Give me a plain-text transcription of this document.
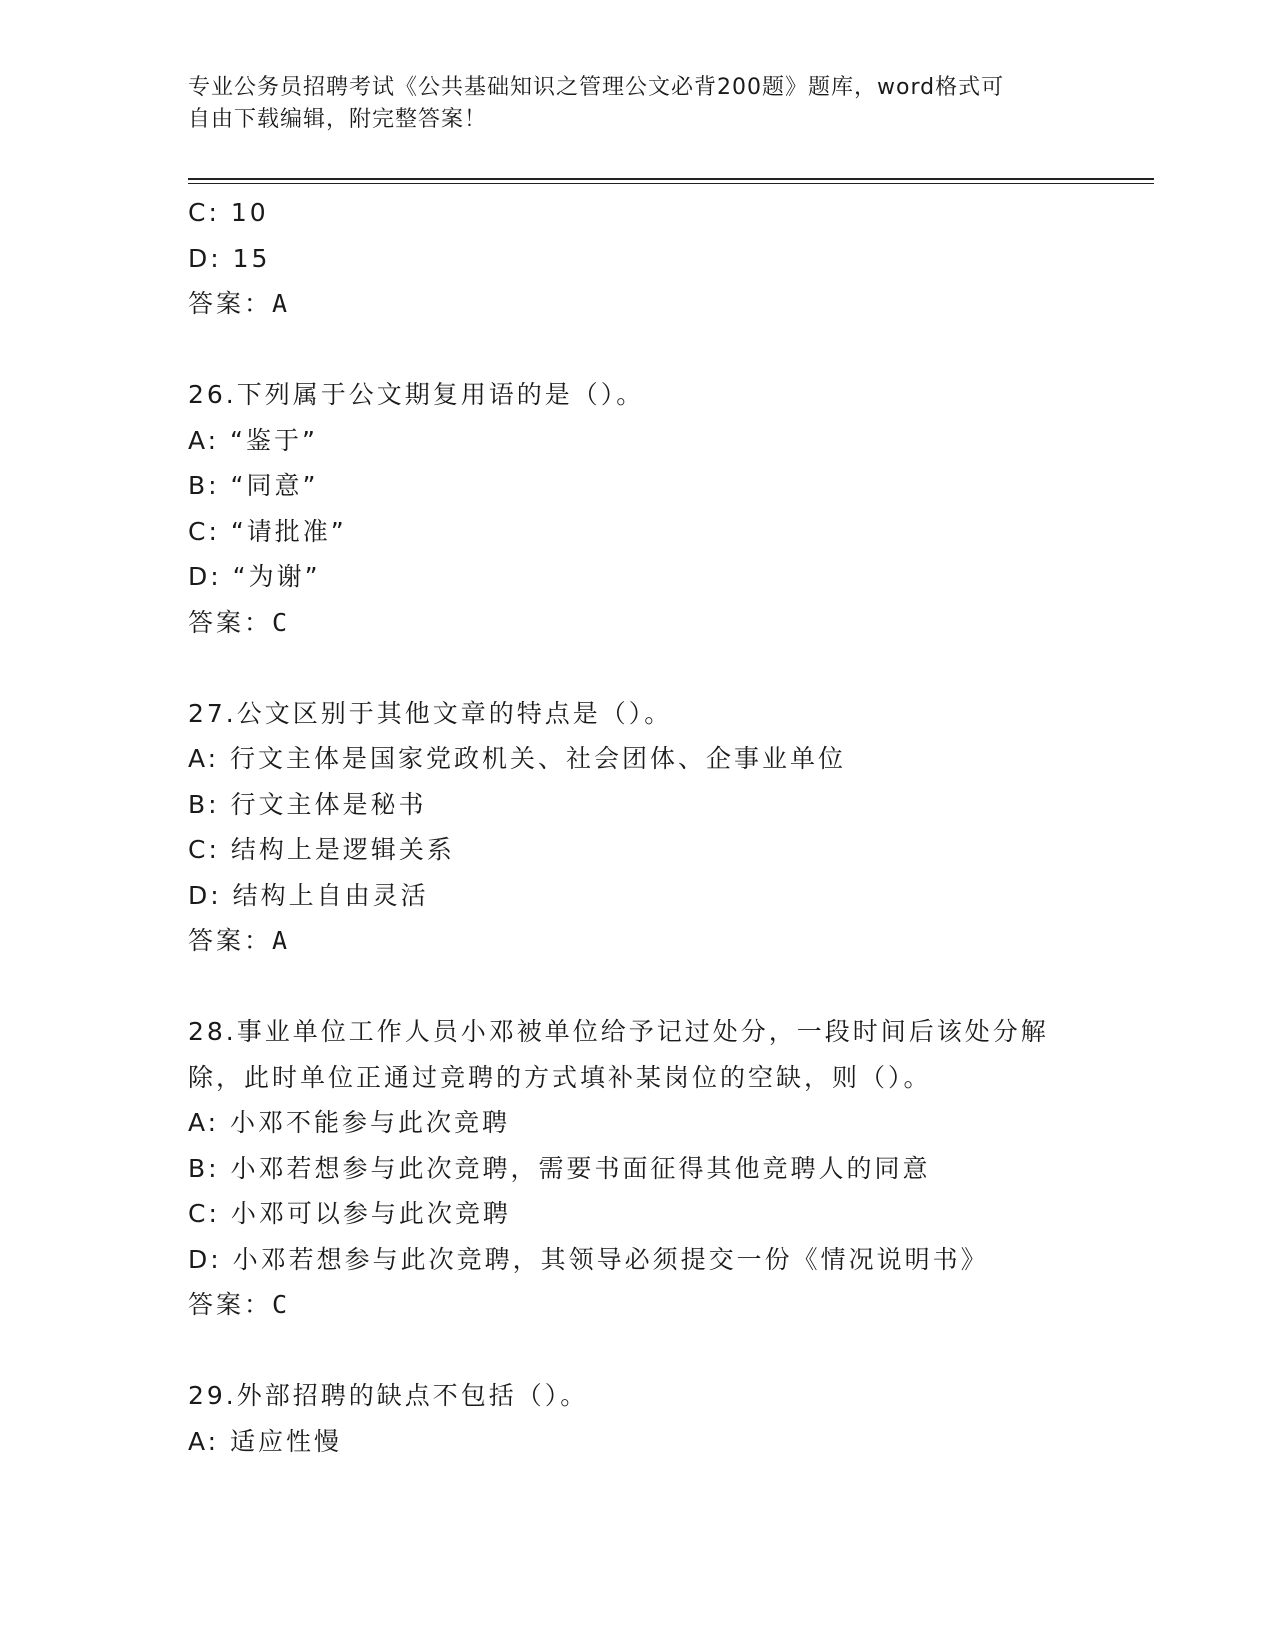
专业公务员招聘考试《公共基础知识之管理公文必背200题》题库，word格式可
自由下载编辑，附完整答案！
C: 10
D: 15
答案：A
26.下列属于公文期复用语的是（）。
A: “鉴于”
B: “同意”
C: “请批准”
D: “为谢”
答案：C
27.公文区别于其他文章的特点是（）。
A: 行文主体是国家党政机关、社会团体、企事业单位
B: 行文主体是秘书
C: 结构上是逻辑关系
D: 结构上自由灵活
答案：A
28.事业单位工作人员小邓被单位给予记过处分，一段时间后该处分解
除，此时单位正通过竞聘的方式填补某岗位的空缺，则（）。
A: 小邓不能参与此次竞聘
B: 小邓若想参与此次竞聘，需要书面征得其他竞聘人的同意
C: 小邓可以参与此次竞聘
D: 小邓若想参与此次竞聘，其领导必须提交一份《情况说明书》
答案：C
29.外部招聘的缺点不包括（）。
A: 适应性慢
